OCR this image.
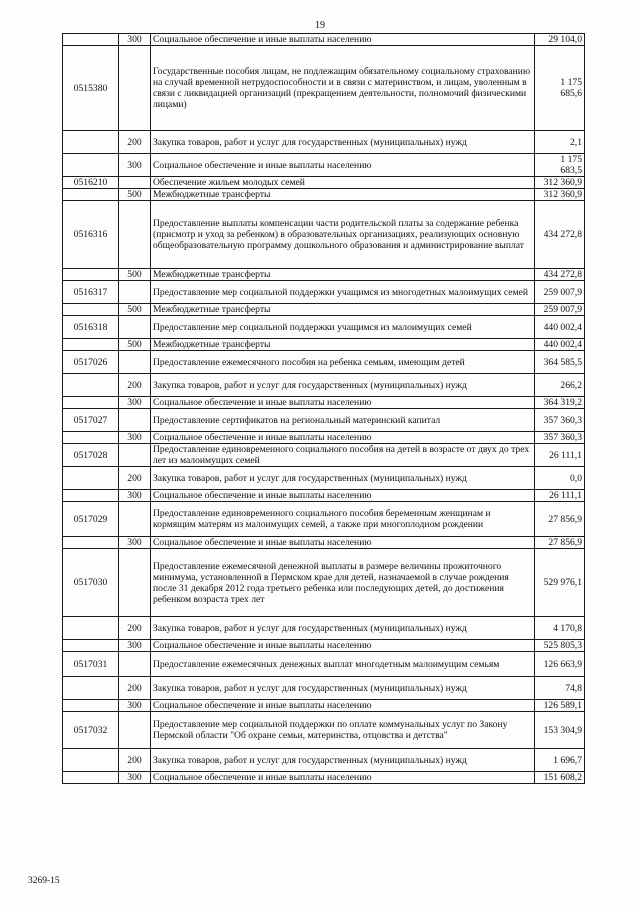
19
	300	Социальное обеспечение и иные выплаты населению	29 104,0
0515380		Государственные пособия лицам, не подлежащим обязательному социальному страхованию на случай временной нетрудоспособности и в связи с материнством, и лицам, уволенным в связи с ликвидацией организаций (прекращением деятельности, полномочий физическими лицами)	1 175 685,6
	200	Закупка товаров, работ и услуг для государственных (муниципальных) нужд	2,1
	300	Социальное обеспечение и иные выплаты населению	1 175 683,5
0516210		Обеспечение жильем молодых семей	312 360,9
	500	Межбюджетные трансферты	312 360,9
0516316		Предоставление выплаты компенсации части родительской платы за содержание ребенка (присмотр и уход за ребенком) в образовательных организациях, реализующих основную общеобразовательную программу дошкольного образования и администрирование выплат	434 272,8
	500	Межбюджетные трансферты	434 272,8
0516317		Предоставление мер социальной поддержки учащимся из многодетных малоимущих семей	259 007,9
	500	Межбюджетные трансферты	259 007,9
0516318		Предоставление мер социальной поддержки учащимся из малоимущих семей	440 002,4
	500	Межбюджетные трансферты	440 002,4
0517026		Предоставление ежемесячного пособия на ребенка семьям, имеющим детей	364 585,5
	200	Закупка товаров, работ и услуг для государственных (муниципальных) нужд	266,2
	300	Социальное обеспечение и иные выплаты населению	364 319,2
0517027		Предоставление сертификатов на региональный материнский капитал	357 360,3
	300	Социальное обеспечение и иные выплаты населению	357 360,3
0517028		Предоставление единовременного социального пособия на детей в возрасте от двух до трех лет из малоимущих семей	26 111,1
	200	Закупка товаров, работ и услуг для государственных (муниципальных) нужд	0,0
	300	Социальное обеспечение и иные выплаты населению	26 111,1
0517029		Предоставление единовременного социального пособия беременным женщинам и кормящим матерям из малоимущих семей, а также при многоплодном рождении	27 856,9
	300	Социальное обеспечение и иные выплаты населению	27 856,9
0517030		Предоставление ежемесячной денежной выплаты в размере величины прожиточного минимума, установленной в Пермском крае для детей, назначаемой в случае рождения после 31 декабря 2012 года третьего ребенка или последующих детей, до достижения ребенком возраста трех лет	529 976,1
	200	Закупка товаров, работ и услуг для государственных (муниципальных) нужд	4 170,8
	300	Социальное обеспечение и иные выплаты населению	525 805,3
0517031		Предоставление ежемесячных денежных выплат многодетным малоимущим семьям	126 663,9
	200	Закупка товаров, работ и услуг для государственных (муниципальных) нужд	74,8
	300	Социальное обеспечение и иные выплаты населению	126 589,1
0517032		Предоставление мер социальной поддержки по оплате коммунальных услуг по Закону Пермской области "Об охране семьи, материнства, отцовства и детства"	153 304,9
	200	Закупка товаров, работ и услуг для государственных (муниципальных) нужд	1 696,7
	300	Социальное обеспечение и иные выплаты населению	151 608,2
3269-15
